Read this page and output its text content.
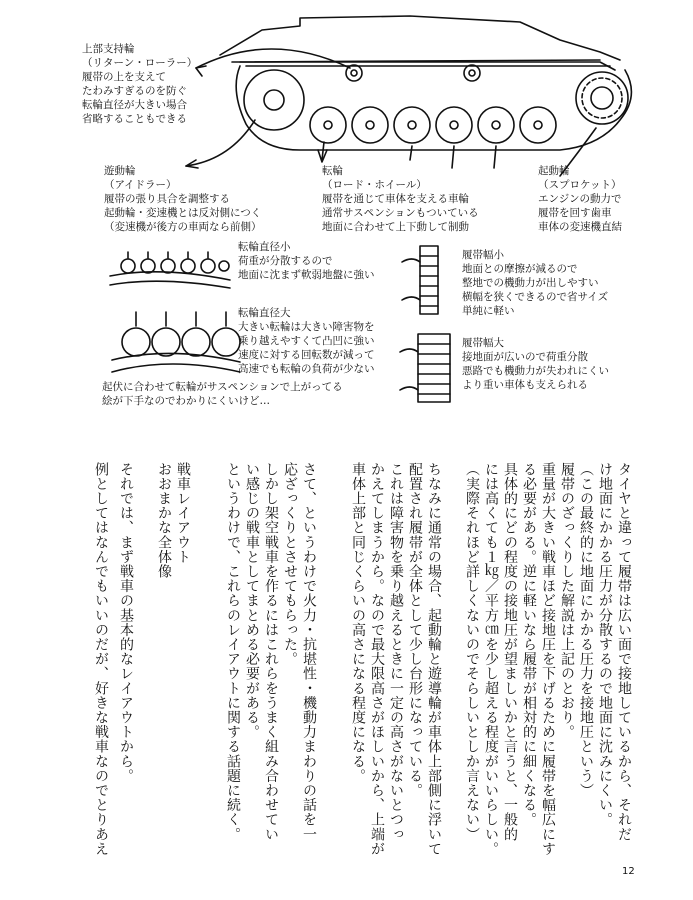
上部支持輪
（リターン・ローラー）
履帯の上を支えて
たわみすぎるのを防ぐ
転輪直径が大きい場合
省略することもできる
遊動輪
（アイドラー）
履帯の張り具合を調整する
起動輪・変速機とは反対側につく
（変速機が後方の車両なら前側）
転輪
（ロード・ホイール）
履帯を通じて車体を支える車輪
通常サスペンションもついている
地面に合わせて上下動して制動
起動輪
（スプロケット）
エンジンの動力で
履帯を回す歯車
車体の変速機直結
転輪直径小
荷重が分散するので
地面に沈まず軟弱地盤に強い
転輪直径大
大きい転輪は大きい障害物を
乗り越えやすくて凸凹に強い
速度に対する回転数が減って
高速でも転輪の負荷が少ない
起伏に合わせて転輪がサスペンションで上がってる
絵が下手なのでわかりにくいけど…
履帯幅小
地面との摩擦が減るので
整地での機動力が出しやすい
横幅を狭くできるので省サイズ
単純に軽い
履帯幅大
接地面が広いので荷重分散
悪路でも機動力が失われにくい
より重い車体も支えられる
タイヤと違って履帯は広い面で接地しているから、それだ
け地面にかかる圧力が分散するので地面に沈みにくい。
（この最終的に地面にかかる圧力を接地圧という）
履帯のざっくりした解説は上記のとおり。
重量が大きい戦車ほど接地圧を下げるために履帯を幅広にす
る必要がある。逆に軽いなら履帯が相対的に細くなる。
具体的にどの程度の接地圧が望ましいかと言うと、一般的
には高くても１㎏／平方㎝を少し超える程度がいいらしい。
（実際それほど詳しくないのでそらしいとしか言えない）
ちなみに通常の場合、起動輪と遊導輪が車体上部側に浮いて
配置され履帯が全体として少し台形になっている。
これは障害物を乗り越えるときに一定の高さがないとつっ
かえてしまうから。なので最大限高さがほしいから、上端が
車体上部と同じくらいの高さになる程度になる。
さて、というわけで火力・抗堪性・機動力まわりの話を一
応ざっくりとさせてもらった。
しかし架空戦車を作るにはこれらをうまく組み合わせてい
い感じの戦車としてまとめる必要がある。
というわけで、これらのレイアウトに関する話題に続く。
戦車レイアウト
おおまかな全体像
それでは、まず戦車の基本的なレイアウトから。
例としてはなんでもいいのだが、好きな戦車なのでとりあえ
12
